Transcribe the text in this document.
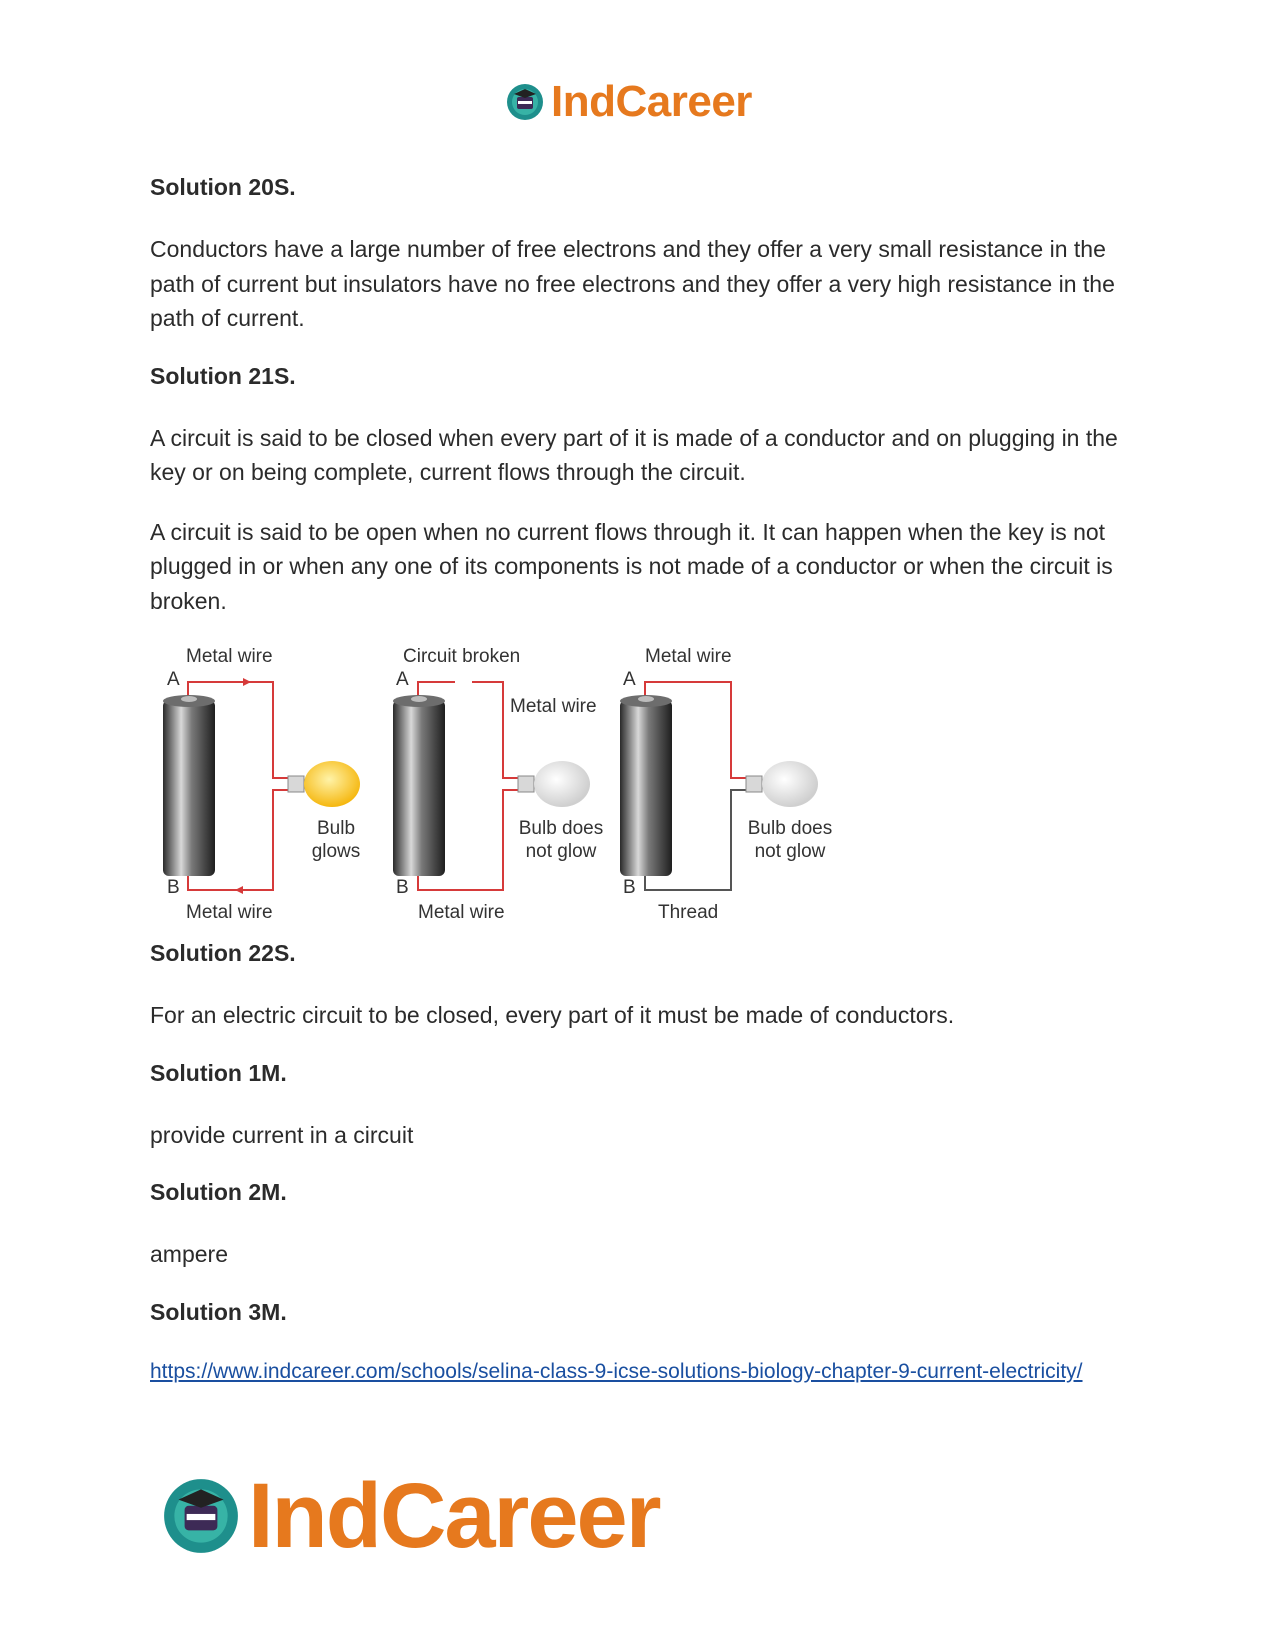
IndCareer

Solution 20S.

Conductors have a large number of free electrons and they offer a very small resistance in the path of current but insulators have no free electrons and they offer a very high resistance in the path of current.

Solution 21S.

A circuit is said to be closed when every part of it is made of a conductor and on plugging in the key or on being complete, current flows through the circuit.

A circuit is said to be open when no current flows through it. It can happen when the key is not plugged in or when any one of its components is not made of a conductor or when the circuit is broken.

Metal wire
A
B
Metal wire
Bulb
glows
Circuit broken
A
Metal wire
B
Metal wire
Bulb does
not glow
Metal wire
A
B
Thread
Bulb does
not glow

Solution 22S.

For an electric circuit to be closed, every part of it must be made of conductors.

Solution 1M.

provide current in a circuit

Solution 2M.

ampere

Solution 3M.

https://www.indcareer.com/schools/selina-class-9-icse-solutions-biology-chapter-9-current-electricity/
IndCareer
